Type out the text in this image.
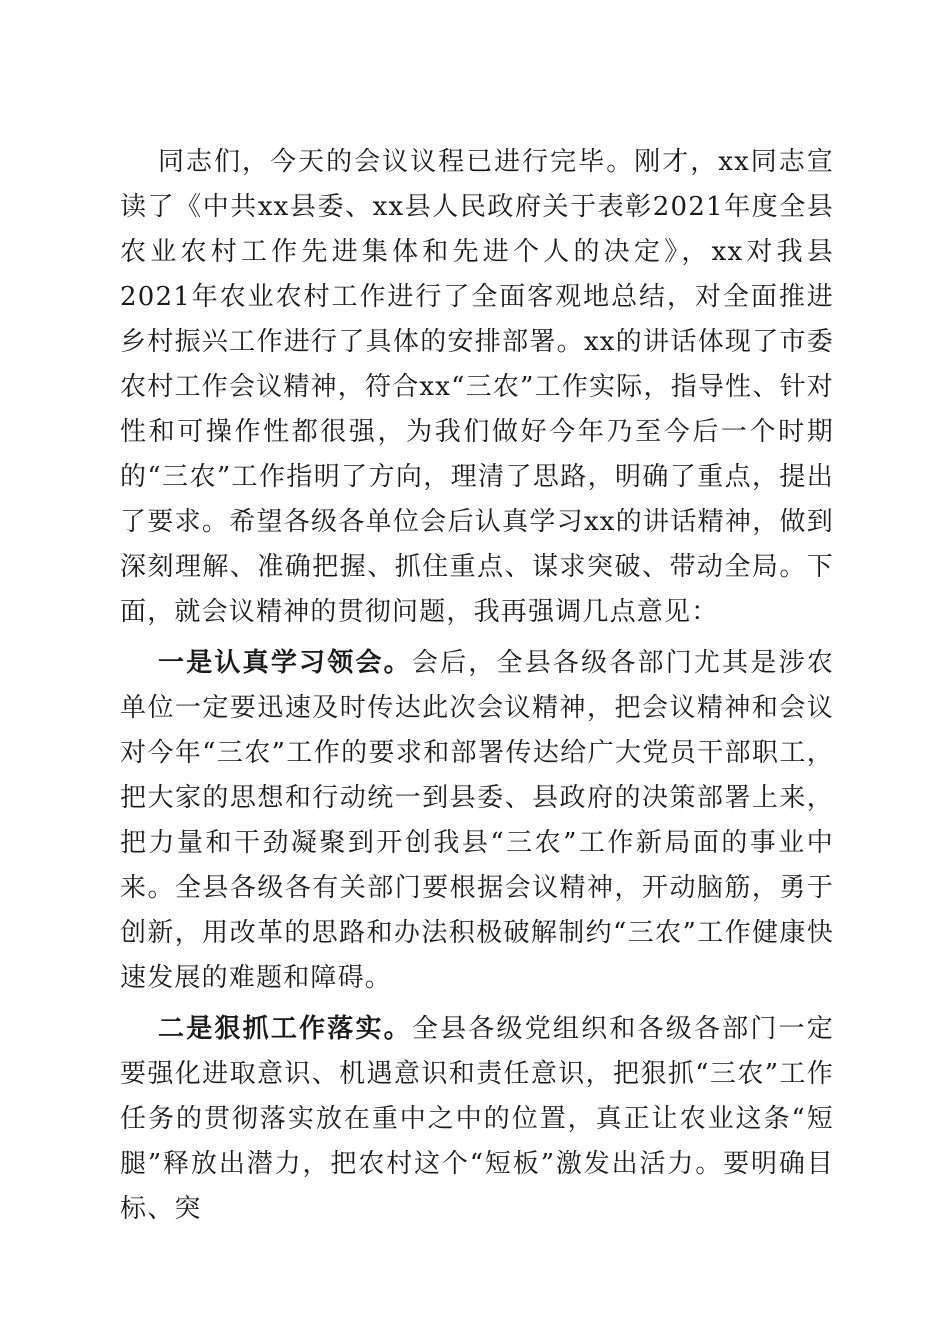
同志们，今天的会议议程已进行完毕。刚才，xx同志宣读了《中共xx县委、xx县人民政府关于表彰2021年度全县农业农村工作先进集体和先进个人的决定》，xx对我县2021年农业农村工作进行了全面客观地总结，对全面推进乡村振兴工作进行了具体的安排部署。xx的讲话体现了市委农村工作会议精神，符合xx“三农”工作实际，指导性、针对性和可操作性都很强，为我们做好今年乃至今后一个时期的“三农”工作指明了方向，理清了思路，明确了重点，提出了要求。希望各级各单位会后认真学习xx的讲话精神，做到深刻理解、准确把握、抓住重点、谋求突破、带动全局。下面，就会议精神的贯彻问题，我再强调几点意见：

一是认真学习领会。会后，全县各级各部门尤其是涉农单位一定要迅速及时传达此次会议精神，把会议精神和会议对今年“三农”工作的要求和部署传达给广大党员干部职工，把大家的思想和行动统一到县委、县政府的决策部署上来，把力量和干劲凝聚到开创我县“三农”工作新局面的事业中来。全县各级各有关部门要根据会议精神，开动脑筋，勇于创新，用改革的思路和办法积极破解制约“三农”工作健康快速发展的难题和障碍。

二是狠抓工作落实。全县各级党组织和各级各部门一定要强化进取意识、机遇意识和责任意识，把狠抓“三农”工作任务的贯彻落实放在重中之中的位置，真正让农业这条“短腿”释放出潜力，把农村这个“短板”激发出活力。要明确目标、突
